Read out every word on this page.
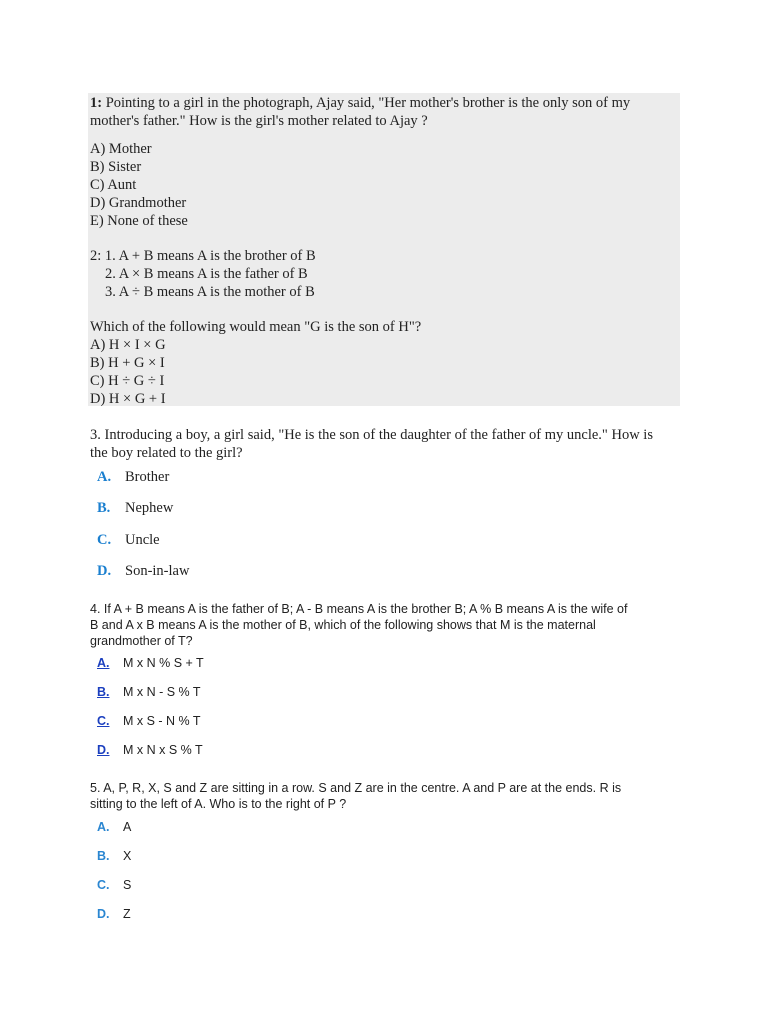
1: Pointing to a girl in the photograph, Ajay said, "Her mother's brother is the only son of my
mother's father." How is the girl's mother related to Ajay ?
A) Mother
B) Sister
C) Aunt
D) Grandmother
E) None of these
2: 1. A + B means A is the brother of B
2. A × B means A is the father of B
3. A ÷ B means A is the mother of B
Which of the following would mean "G is the son of H"?
A) H × I × G
B) H + G × I
C) H ÷ G ÷ I
D) H × G + I
3. Introducing a boy, a girl said, "He is the son of the daughter of the father of my uncle." How is
the boy related to the girl?
A. Brother
B. Nephew
C. Uncle
D. Son-in-law
4. If A + B means A is the father of B; A - B means A is the brother B; A % B means A is the wife of
B and A x B means A is the mother of B, which of the following shows that M is the maternal
grandmother of T?
A. M x N % S + T
B. M x N - S % T
C. M x S - N % T
D. M x N x S % T
5. A, P, R, X, S and Z are sitting in a row. S and Z are in the centre. A and P are at the ends. R is
sitting to the left of A. Who is to the right of P ?
A. A
B. X
C. S
D. Z
